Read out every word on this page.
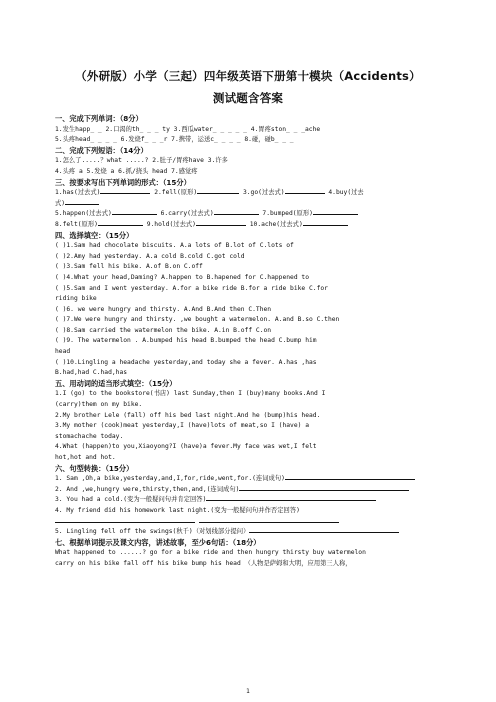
（外研版）小学（三起）四年级英语下册第十模块（Accidents）
测试题含答案

一、完成下列单词：（8分）

1.发生happ_ _ 2.口渴的th_ _ _ ty 3.西瓜water_ _ _ _ _ 4.胃疼ston_ _ _ache

5.头疼head_ _ _ _ 6.发烧f_ _ _r 7.携带，运送c_ _ _ _ 8.碰，碰b_ _ _

二、完成下列短语：（14分）

1.怎么了.....？what .....? 2.肚子/胃疼have 3.许多

4.头疼 a 5.发烧 a 6.抓/挠头 head 7.感觉疼

三、按要求写出下列单词的形式：（15分）

1.has(过去式)	2.fell(原形)	3.go(过去式)	4.buy(过去

式)

5.happen(过去式)	6.carry(过去式)	7.bumped(原形)

8.felt(原形)	9.hold(过去式)	10.ache(过去式)

四、选择填空：（15分）

( )1.Sam had chocolate biscuits. A.a lots of B.lot of C.lots of

( )2.Amy had yesterday. A.a cold B.cold C.got cold

( )3.Sam fell his bike. A.of B.on C.off

( )4.What your head,Daming? A.happen to B.hapened for C.happened to

( )5.Sam and I went yesterday. A.for a bike ride B.for a ride bike C.for

riding bike

( )6. we were hungry and thirsty. A.And B.And then C.Then

( )7.We were hungry and thirsty. ,we bought a watermelon. A.and B.so C.then

( )8.Sam carried the watermelon the bike. A.in B.off C.on

( )9. The watermelon . A.bumped his head B.bumped the head C.bump him

head

( )10.Lingling a headache yesterday,and today she a fever. A.has ,has

B.had,had C.had,has

五、用动词的适当形式填空：（15分）

1.I (go) to the bookstore(书店) last Sunday,then I (buy)many books.And I

(carry)them on my bike.

2.My brother Lele (fall) off his bed last night.And he (bump)his head.

3.My mother (cook)meat yesterday,I (have)lots of meat,so I (have) a

stomachache today.

4.What (happen)to you,Xiaoyong?I (have)a fever.My face was wet,I felt

hot,hot and hot.

六、句型转换：（15分）

1. Sam ,Oh,a bike,yesterday,and,I,for,ride,went,for.(连词成句)

2. And ,we,hungry were,thirsty,then,and,(连词成句)

3. You had a cold.(变为一般疑问句并肯定回答)

4. My friend did his homework last night.(变为一般疑问句并作否定回答)

5. Lingling fell off the swings(秋千)（对划线部分提问）

七、根据单词提示及课文内容，讲述故事，至少6句话：（18分）

What happened to ......? go for a bike ride and then hungry thirsty buy watermelon

carry on his bike fall off his bike bump his head （人物是萨姆和大明，应用第三人称，

1
